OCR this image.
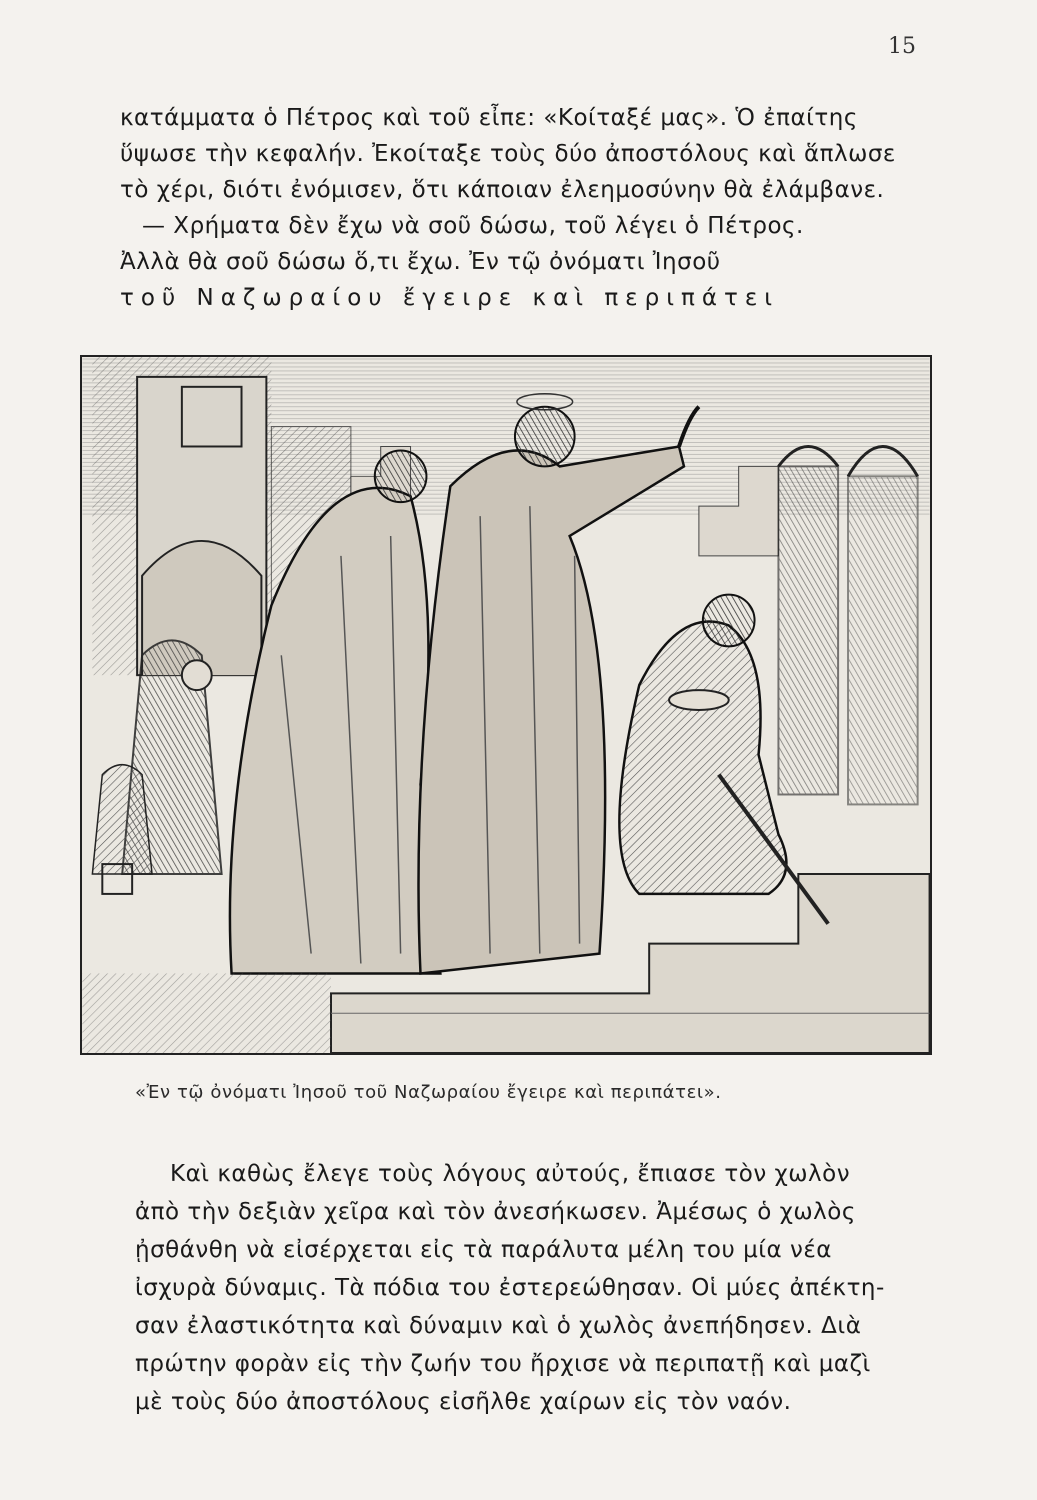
15
κατάμματα ὁ Πέτρος καὶ τοῦ εἶπε: «Κοίταξέ μας». Ὁ ἐπαίτης
ὕψωσε τὴν κεφαλήν. Ἐκοίταξε τοὺς δύο ἀποστόλους καὶ ἅπλωσε
τὸ χέρι, διότι ἐνόμισεν, ὅτι κάποιαν ἐλεημοσύνην θὰ ἐλάμβανε.
— Χρήματα δὲν ἔχω νὰ σοῦ δώσω, τοῦ λέγει ὁ Πέτρος.
Ἀλλὰ θὰ σοῦ δώσω ὅ,τι ἔχω. Ἐν τῷ ὀνόματι Ἰησοῦ
τοῦ Ναζωραίου ἔγειρε καὶ περιπάτει
«Ἐν τῷ ὀνόματι Ἰησοῦ τοῦ Ναζωραίου ἔγειρε καὶ περιπάτει».
Καὶ καθὼς ἔλεγε τοὺς λόγους αὐτούς, ἔπιασε τὸν χωλὸν
ἀπὸ τὴν δεξιὰν χεῖρα καὶ τὸν ἀνεσήκωσεν. Ἀμέσως ὁ χωλὸς
ᾐσθάνθη νὰ εἰσέρχεται εἰς τὰ παράλυτα μέλη του μία νέα
ἰσχυρὰ δύναμις. Τὰ πόδια του ἐστερεώθησαν. Οἱ μύες ἀπέκτη-
σαν ἐλαστικότητα καὶ δύναμιν καὶ ὁ χωλὸς ἀνεπήδησεν. Διὰ
πρώτην φορὰν εἰς τὴν ζωήν του ἤρχισε νὰ περιπατῇ καὶ μαζὶ
μὲ τοὺς δύο ἀποστόλους εἰσῆλθε χαίρων εἰς τὸν ναόν.
